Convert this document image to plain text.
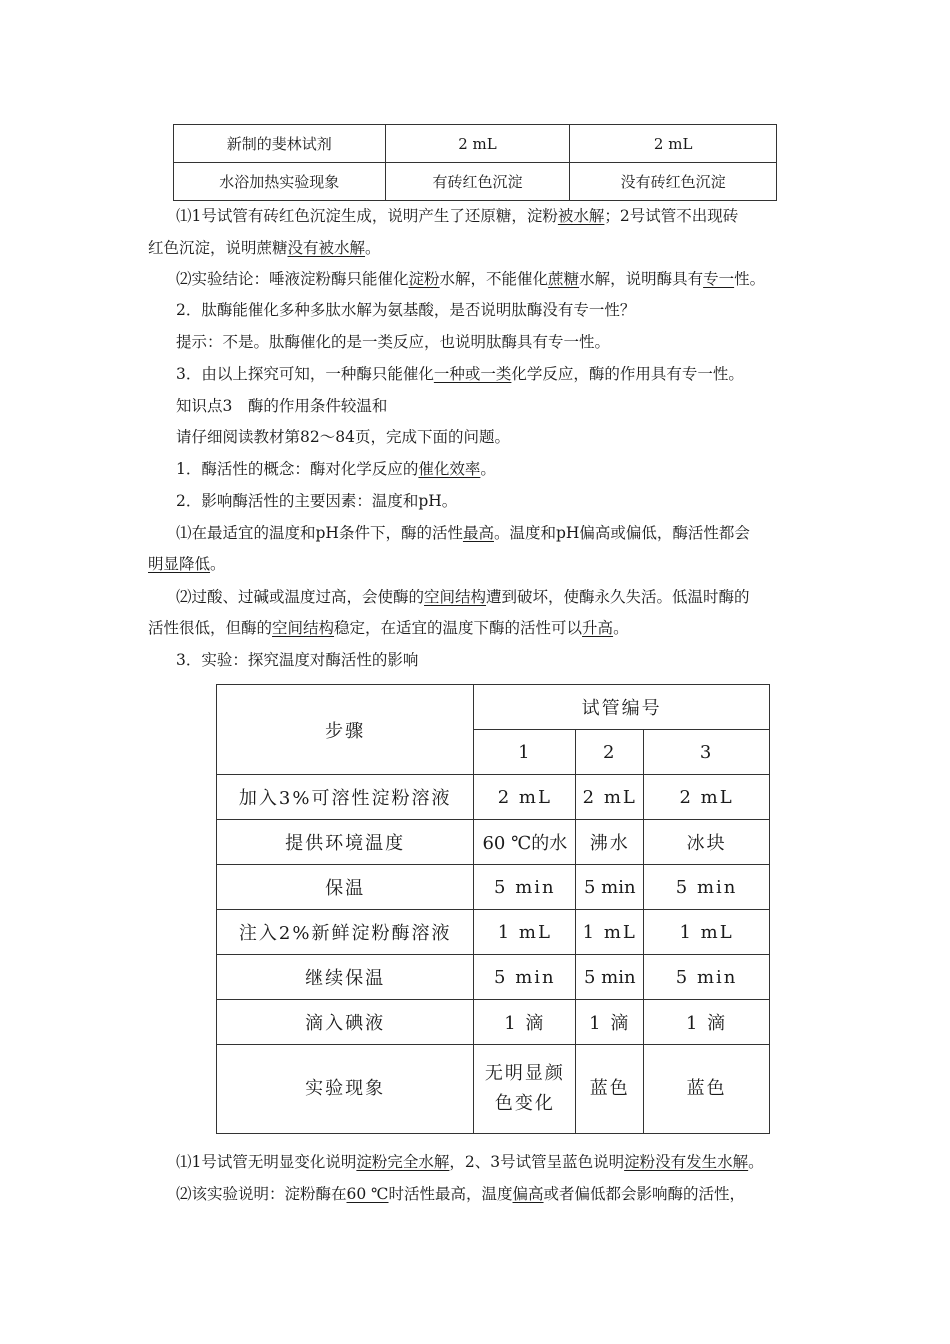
新制的斐林试剂	2 mL	2 mL
水浴加热实验现象	有砖红色沉淀	没有砖红色沉淀
⑴1号试管有砖红色沉淀生成，说明产生了还原糖，淀粉被水解；2号试管不出现砖
红色沉淀，说明蔗糖没有被水解。
⑵实验结论：唾液淀粉酶只能催化淀粉水解，不能催化蔗糖水解，说明酶具有专一性。
2．肽酶能催化多种多肽水解为氨基酸，是否说明肽酶没有专一性？
提示：不是。肽酶催化的是一类反应，也说明肽酶具有专一性。
3．由以上探究可知，一种酶只能催化一种或一类化学反应，酶的作用具有专一性。
知识点3　酶的作用条件较温和
请仔细阅读教材第82～84页，完成下面的问题。
1．酶活性的概念：酶对化学反应的催化效率。
2．影响酶活性的主要因素：温度和pH。
⑴在最适宜的温度和pH条件下，酶的活性最高。温度和pH偏高或偏低，酶活性都会
明显降低。
⑵过酸、过碱或温度过高，会使酶的空间结构遭到破坏，使酶永久失活。低温时酶的
活性很低，但酶的空间结构稳定，在适宜的温度下酶的活性可以升高。
3．实验：探究温度对酶活性的影响
步骤	试管编号		
	1	2	3
加入3%可溶性淀粉溶液	2 mL	2 mL	2 mL
提供环境温度	60 ℃的水	沸水	冰块
保温	5 min	5 min	5 min
注入2%新鲜淀粉酶溶液	1 mL	1 mL	1 mL
继续保温	5 min	5 min	5 min
滴入碘液	1 滴	1 滴	1 滴
实验现象	无明显颜色变化	蓝色	蓝色
⑴1号试管无明显变化说明淀粉完全水解，2、3号试管呈蓝色说明淀粉没有发生水解。
⑵该实验说明：淀粉酶在60 ℃时活性最高，温度偏高或者偏低都会影响酶的活性，
